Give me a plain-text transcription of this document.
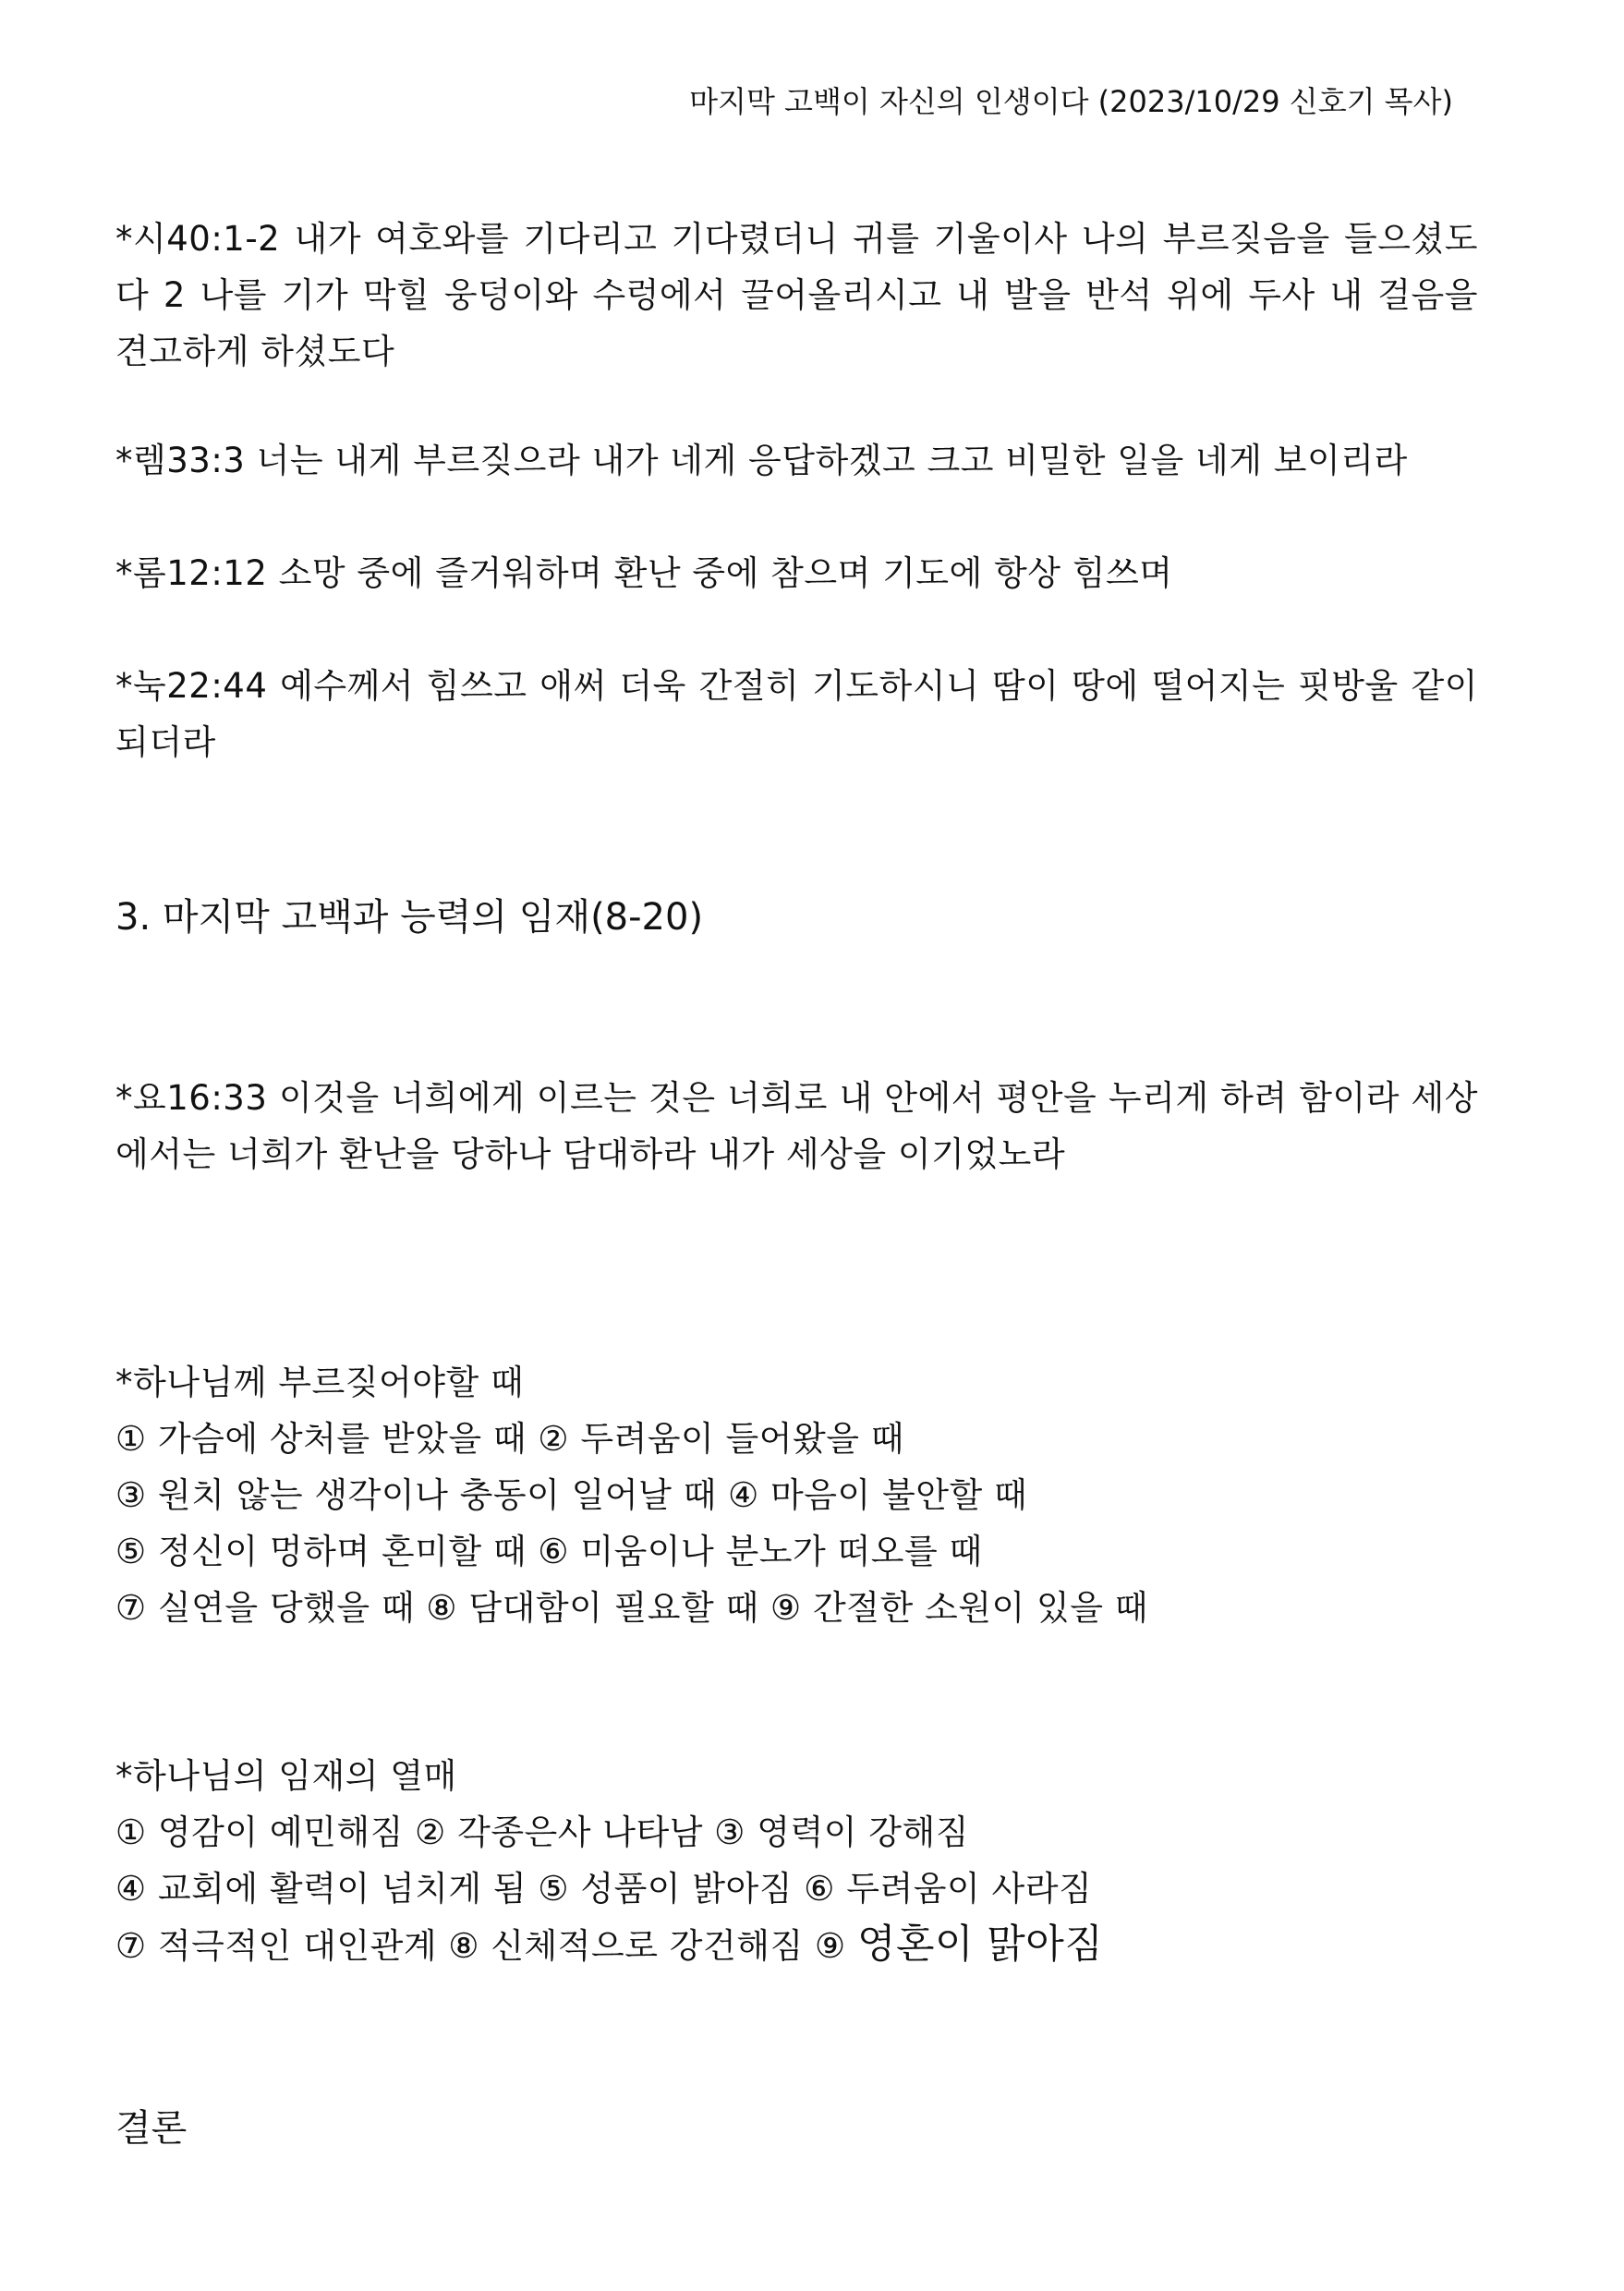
마지막 고백이 자신의 인생이다 (2023/10/29 신호기 목사)
*시40:1-2 내가 여호와를 기다리고 기다렸더니 귀를 기울이사 나의 부르짖음을 들으셨도다 2 나를 기가 막힐 웅덩이와 수렁에서 끌어올리시고 내 발을 반석 위에 두사 내 걸음을 견고하게 하셨도다
*렘33:3 너는 내게 부르짖으라 내가 네게 응답하겠고 크고 비밀한 일을 네게 보이리라
*롬12:12 소망 중에 즐거워하며 환난 중에 참으며 기도에 항상 힘쓰며
*눅22:44 예수께서 힘쓰고 애써 더욱 간절히 기도하시니 땀이 땅에 떨어지는 핏방울 같이 되더라
3. 마지막 고백과 능력의 임재(8-20)
*요16:33 이것을 너희에게 이르는 것은 너희로 내 안에서 평안을 누리게 하려 함이라 세상에서는 너희가 환난을 당하나 담대하라 내가 세상을 이기었노라
*하나님께 부르짖어야할 때
① 가슴에 상처를 받았을 때 ② 두려움이 들어왔을 때
③ 원치 않는 생각이나 충동이 일어날 때 ④ 마음이 불안할 때
⑤ 정신이 멍하며 혼미할 때 ⑥ 미움이나 분노가 떠오를 때
⑦ 실연을 당했을 때 ⑧ 담대함이 필요할 때 ⑨ 간절한 소원이 있을 때
*하나님의 임재의 열매
① 영감이 예민해짐 ② 각종은사 나타남 ③ 영력이 강해짐
④ 교회에 활력이 넘치게 됨 ⑤ 성품이 밝아짐 ⑥ 두려움이 사라짐
⑦ 적극적인 대인관계 ⑧ 신체적으로 강건해짐 ⑨ 영혼이 맑아짐
결론
